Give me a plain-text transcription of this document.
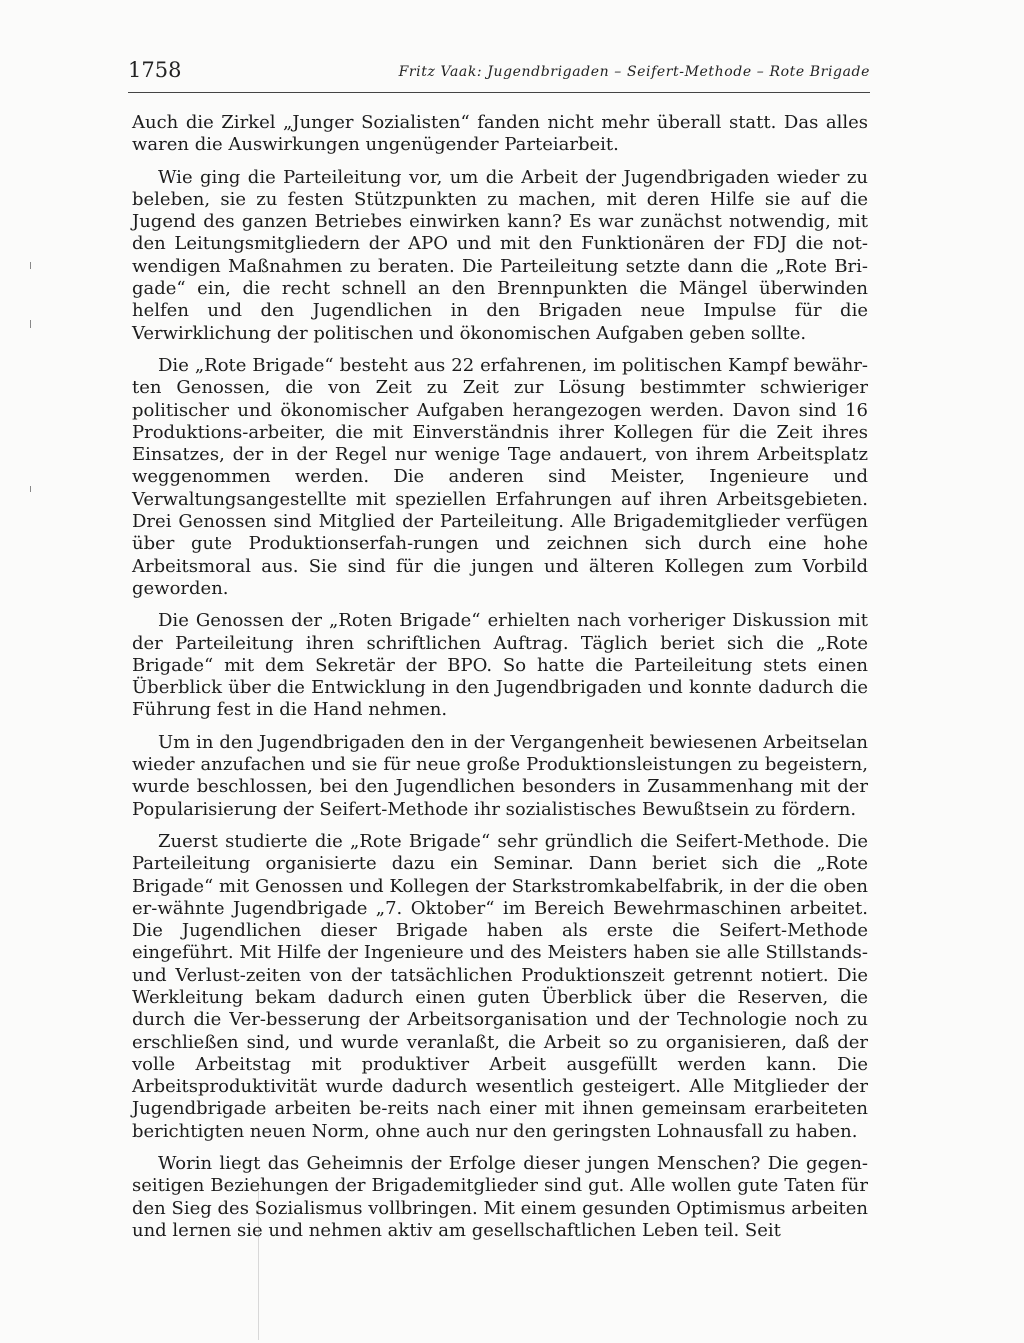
1758	Fritz Vaak: Jugendbrigaden – Seifert-Methode – Rote Brigade

Auch die Zirkel „Junger Sozialisten“ fanden nicht mehr überall statt. Das alles waren die Auswirkungen ungenügender Parteiarbeit.

Wie ging die Parteileitung vor, um die Arbeit der Jugendbrigaden wieder zu beleben, sie zu festen Stützpunkten zu machen, mit deren Hilfe sie auf die Jugend des ganzen Betriebes einwirken kann? Es war zunächst notwendig, mit den Leitungsmitgliedern der APO und mit den Funktionären der FDJ die not-wendigen Maßnahmen zu beraten. Die Parteileitung setzte dann die „Rote Bri-gade“ ein, die recht schnell an den Brennpunkten die Mängel überwinden helfen und den Jugendlichen in den Brigaden neue Impulse für die Verwirklichung der politischen und ökonomischen Aufgaben geben sollte.

Die „Rote Brigade“ besteht aus 22 erfahrenen, im politischen Kampf bewähr-ten Genossen, die von Zeit zu Zeit zur Lösung bestimmter schwieriger politischer und ökonomischer Aufgaben herangezogen werden. Davon sind 16 Produktions-arbeiter, die mit Einverständnis ihrer Kollegen für die Zeit ihres Einsatzes, der in der Regel nur wenige Tage andauert, von ihrem Arbeitsplatz weggenommen werden. Die anderen sind Meister, Ingenieure und Verwaltungsangestellte mit speziellen Erfahrungen auf ihren Arbeitsgebieten. Drei Genossen sind Mitglied der Parteileitung. Alle Brigademitglieder verfügen über gute Produktionserfah-rungen und zeichnen sich durch eine hohe Arbeitsmoral aus. Sie sind für die jungen und älteren Kollegen zum Vorbild geworden.

Die Genossen der „Roten Brigade“ erhielten nach vorheriger Diskussion mit der Parteileitung ihren schriftlichen Auftrag. Täglich beriet sich die „Rote Brigade“ mit dem Sekretär der BPO. So hatte die Parteileitung stets einen Überblick über die Entwicklung in den Jugendbrigaden und konnte dadurch die Führung fest in die Hand nehmen.

Um in den Jugendbrigaden den in der Vergangenheit bewiesenen Arbeitselan wieder anzufachen und sie für neue große Produktionsleistungen zu begeistern, wurde beschlossen, bei den Jugendlichen besonders in Zusammenhang mit der Popularisierung der Seifert-Methode ihr sozialistisches Bewußtsein zu fördern.

Zuerst studierte die „Rote Brigade“ sehr gründlich die Seifert-Methode. Die Parteileitung organisierte dazu ein Seminar. Dann beriet sich die „Rote Brigade“ mit Genossen und Kollegen der Starkstromkabelfabrik, in der die oben er-wähnte Jugendbrigade „7. Oktober“ im Bereich Bewehrmaschinen arbeitet. Die Jugendlichen dieser Brigade haben als erste die Seifert-Methode eingeführt. Mit Hilfe der Ingenieure und des Meisters haben sie alle Stillstands- und Verlust-zeiten von der tatsächlichen Produktionszeit getrennt notiert. Die Werkleitung bekam dadurch einen guten Überblick über die Reserven, die durch die Ver-besserung der Arbeitsorganisation und der Technologie noch zu erschließen sind, und wurde veranlaßt, die Arbeit so zu organisieren, daß der volle Arbeitstag mit produktiver Arbeit ausgefüllt werden kann. Die Arbeitsproduktivität wurde dadurch wesentlich gesteigert. Alle Mitglieder der Jugendbrigade arbeiten be-reits nach einer mit ihnen gemeinsam erarbeiteten berichtigten neuen Norm, ohne auch nur den geringsten Lohnausfall zu haben.

Worin liegt das Geheimnis der Erfolge dieser jungen Menschen? Die gegen-seitigen Beziehungen der Brigademitglieder sind gut. Alle wollen gute Taten für den Sieg des Sozialismus vollbringen. Mit einem gesunden Optimismus arbeiten und lernen sie und nehmen aktiv am gesellschaftlichen Leben teil. Seit
